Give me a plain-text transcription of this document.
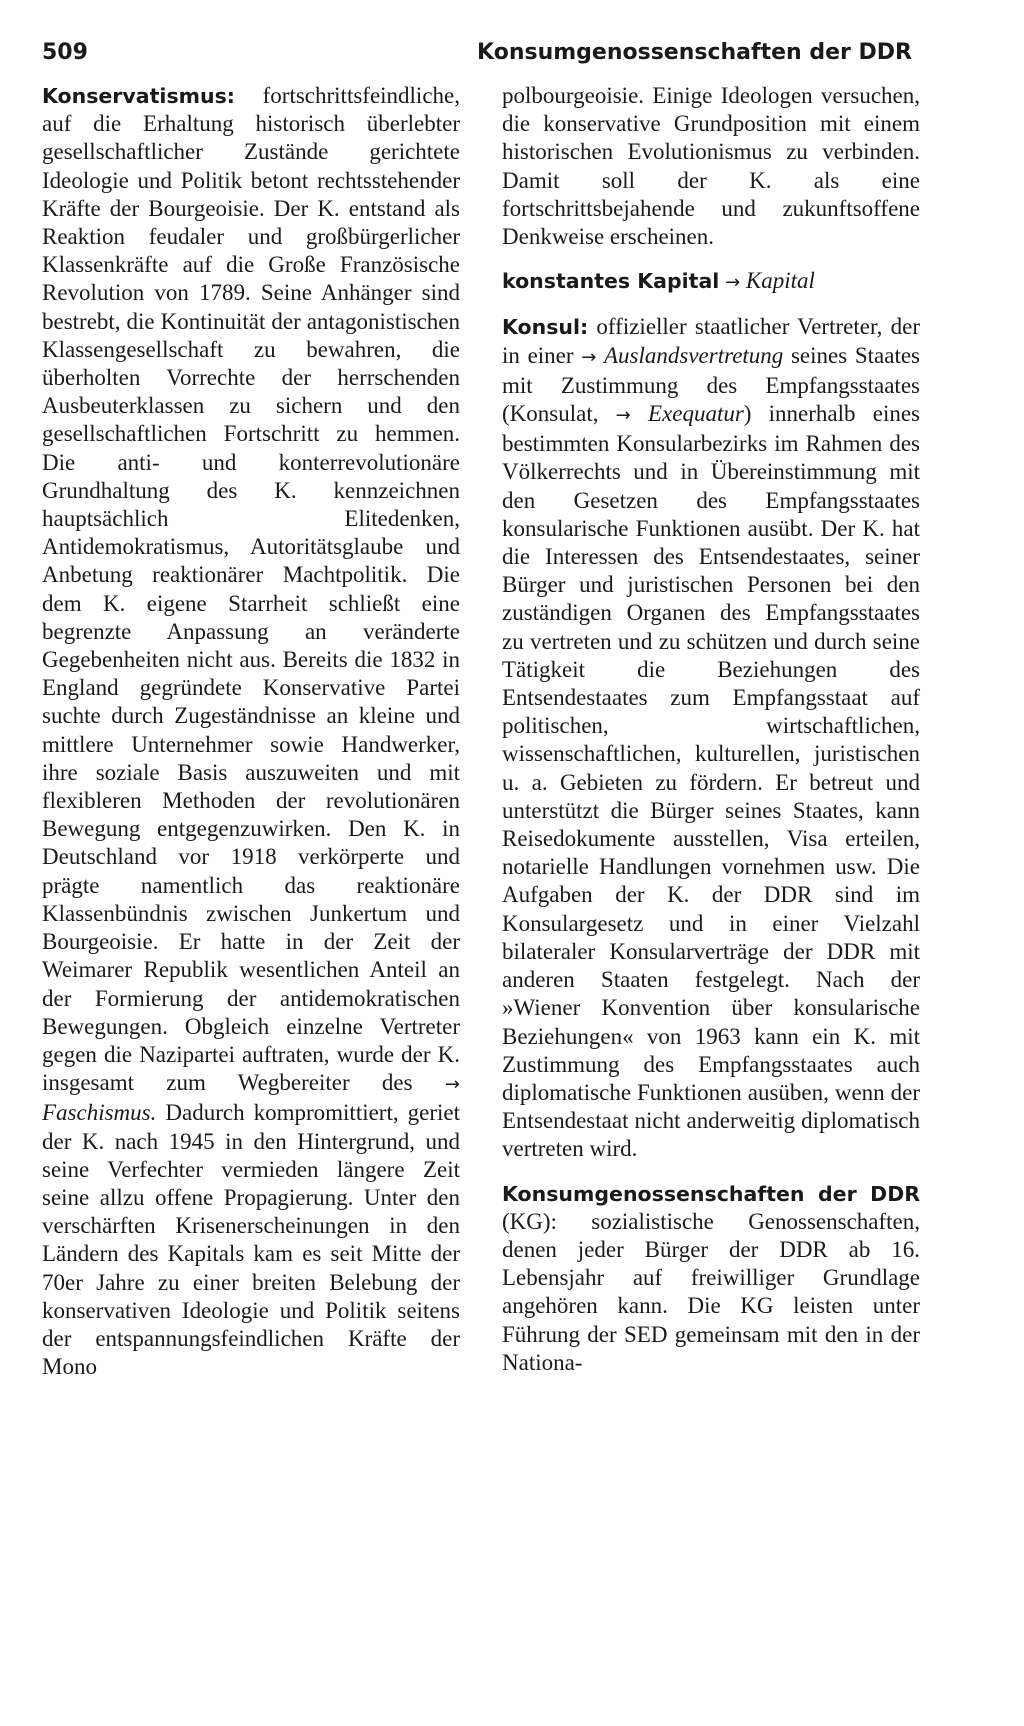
509	Konsumgenossenschaften der DDR

Konservatismus: fortschrittsfeindliche, auf die Erhaltung historisch überlebter gesellschaftlicher Zustände gerichtete Ideologie und Politik betont rechtsstehender Kräfte der Bourgeoisie. Der K. entstand als Reaktion feudaler und großbürgerlicher Klassenkräfte auf die Große Französische Revolution von 1789. Seine Anhänger sind bestrebt, die Kontinuität der antagonistischen Klassengesellschaft zu bewahren, die überholten Vorrechte der herrschenden Ausbeuterklassen zu sichern und den gesellschaftlichen Fortschritt zu hemmen. Die anti- und konterrevolutionäre Grundhaltung des K. kennzeichnen hauptsächlich Elitedenken, Antidemokratismus, Autoritätsglaube und Anbetung reaktionärer Machtpolitik. Die dem K. eigene Starrheit schließt eine begrenzte Anpassung an veränderte Gegebenheiten nicht aus. Bereits die 1832 in England gegründete Konservative Partei suchte durch Zugeständnisse an kleine und mittlere Unternehmer sowie Handwerker, ihre soziale Basis auszuweiten und mit flexibleren Methoden der revolutionären Bewegung entgegenzuwirken. Den K. in Deutschland vor 1918 verkörperte und prägte namentlich das reaktionäre Klassenbündnis zwischen Junkertum und Bourgeoisie. Er hatte in der Zeit der Weimarer Republik wesentlichen Anteil an der Formierung der antidemokratischen Bewegungen. Obgleich einzelne Vertreter gegen die Nazipartei auftraten, wurde der K. insgesamt zum Wegbereiter des → Faschismus. Dadurch kompromittiert, geriet der K. nach 1945 in den Hintergrund, und seine Verfechter vermieden längere Zeit seine allzu offene Propagierung. Unter den verschärften Krisenerscheinungen in den Ländern des Kapitals kam es seit Mitte der 70er Jahre zu einer breiten Belebung der konservativen Ideologie und Politik seitens der entspannungsfeindlichen Kräfte der Mono

polbourgeoisie. Einige Ideologen versuchen, die konservative Grundposition mit einem historischen Evolutionismus zu verbinden. Damit soll der K. als eine fortschrittsbejahende und zukunftsoffene Denkweise erscheinen.

konstantes Kapital → Kapital

Konsul: offizieller staatlicher Vertreter, der in einer → Auslandsvertretung seines Staates mit Zustimmung des Empfangsstaates (Konsulat, → Exequatur) innerhalb eines bestimmten Konsularbezirks im Rahmen des Völkerrechts und in Übereinstimmung mit den Gesetzen des Empfangsstaates konsularische Funktionen ausübt. Der K. hat die Interessen des Entsendestaates, seiner Bürger und juristischen Personen bei den zuständigen Organen des Empfangsstaates zu vertreten und zu schützen und durch seine Tätigkeit die Beziehungen des Entsendestaates zum Empfangsstaat auf politischen, wirtschaftlichen, wissenschaftlichen, kulturellen, juristischen u. a. Gebieten zu fördern. Er betreut und unterstützt die Bürger seines Staates, kann Reisedokumente ausstellen, Visa erteilen, notarielle Handlungen vornehmen usw. Die Aufgaben der K. der DDR sind im Konsulargesetz und in einer Vielzahl bilateraler Konsularverträge der DDR mit anderen Staaten festgelegt. Nach der »Wiener Konvention über konsularische Beziehungen« von 1963 kann ein K. mit Zustimmung des Empfangsstaates auch diplomatische Funktionen ausüben, wenn der Entsendestaat nicht anderweitig diplomatisch vertreten wird.

Konsumgenossenschaften der DDR (KG): sozialistische Genossenschaften, denen jeder Bürger der DDR ab 16. Lebensjahr auf freiwilliger Grundlage angehören kann. Die KG leisten unter Führung der SED gemeinsam mit den in der Nationa-
